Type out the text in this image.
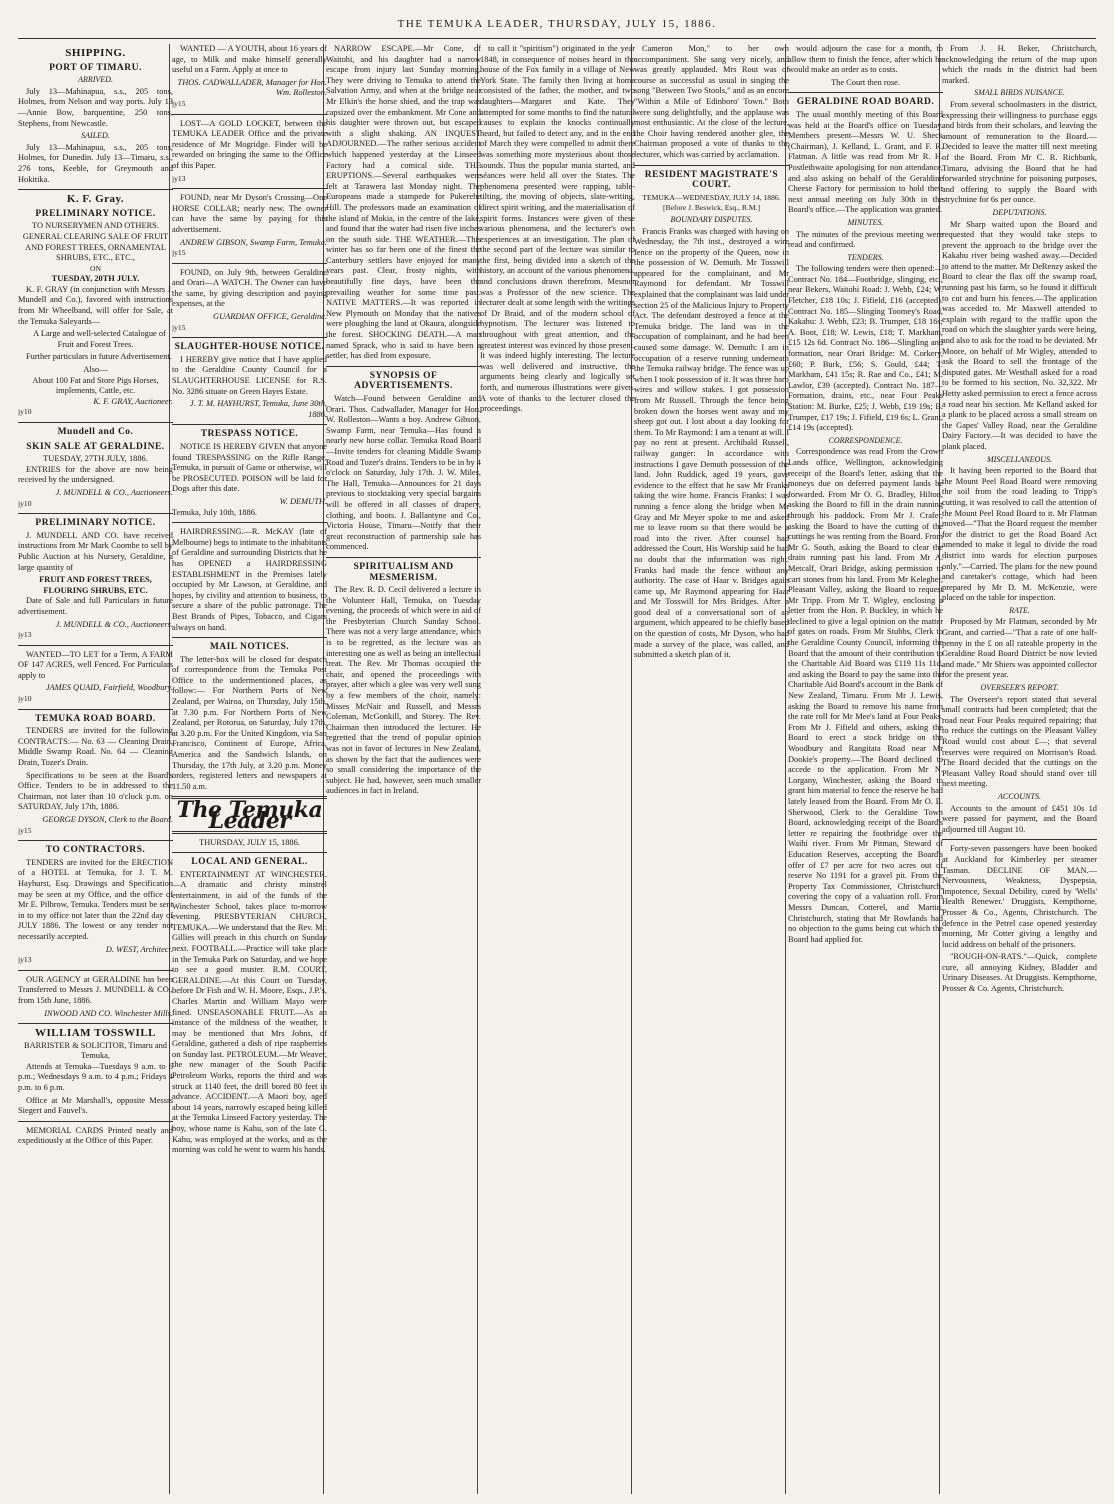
THE TEMUKA LEADER, THURSDAY, JULY 15, 1886.
SHIPPING.
PORT OF TIMARU.
ARRIVED.

July 13—Mahinapua, s.s., 205 tons, Holmes, from Nelson and way ports. July 13—Annie Bow, barquentine, 250 tons, Stephens, from Newcastle.

SAILED.

July 13—Mahinapua, s.s., 205 tons, Holmes, for Dunedin. July 13—Timaru, s.s., 276 tons, Keeble, for Greymouth and Hokitika.

K. F. Gray.
PRELIMINARY NOTICE.
TO NURSERYMEN AND OTHERS.
GENERAL CLEARING SALE OF FRUIT AND FOREST TREES, ORNAMENTAL SHRUBS, ETC., ETC.,
ON
TUESDAY, 20TH JULY.

K. F. GRAY (in conjunction with Messrs J. Mundell and Co.), favored with instructions from Mr Wheelband, will offer for Sale, at the Temuka Saleyards—

A Large and well-selected Catalogue of Fruit and Forest Trees.

Further particulars in future Advertisement.

Also—
About 100 Fat and Store Pigs Horses, implements, Cattle, etc.
K. F. GRAY, Auctioneer.
jy10
Mundell and Co.
SKIN SALE AT GERALDINE.
TUESDAY, 27TH JULY, 1886.

ENTRIES for the above are now being received by the undersigned.

J. MUNDELL & CO., Auctioneers.
jy10
PRELIMINARY NOTICE.

J. MUNDELL AND CO. have received instructions from Mr Mark Coombe to sell by Public Auction at his Nursery, Geraldine, a large quantity of

FRUIT AND FOREST TREES, FLOURING SHRUBS, ETC.

Date of Sale and full Particulars in future advertisement.

J. MUNDELL & CO., Auctioneers.
jy13

WANTED—TO LET for a Term, A FARM OF 147 ACRES, well Fenced. For Particulars apply to

JAMES QUAID, Fairfield, Woodbury.
jy10
TEMUKA ROAD BOARD.

TENDERS are invited for the following CONTRACTS:— No. 63 — Cleaning Drain, Middle Swamp Road. No. 64 — Cleaning Drain, Tozer's Drain.

Specifications to be seen at the Board's Office. Tenders to be in addressed to the Chairman, not later than 10 o'clock p.m. on SATURDAY, July 17th, 1886.

GEORGE DYSON, Clerk to the Board.
jy15
TO CONTRACTORS.

TENDERS are invited for the ERECTION of a HOTEL at Temuka, for J. T. M. Hayhurst, Esq. Drawings and Specification may be seen at my Office, and the office of Mr E. Pilbrow, Temuka. Tenders must be sent in to my office not later than the 22nd day of JULY 1886. The lowest or any tender not necessarily accepted.

D. WEST, Architect.
jy13

OUR AGENCY at GERALDINE has been Transferred to Messrs J. MUNDELL & CO., from 15th June, 1886.

INWOOD AND CO. Winchester Mills.
WILLIAM TOSSWILL
BARRISTER & SOLICITOR, Timaru and Temuka,

Attends at Temuka—Tuesdays 9 a.m. to 6 p.m.; Wednesdays 9 a.m. to 4 p.m.; Fridays 4 p.m. to 6 p.m.

Office at Mr Marshall's, opposite Messrs Siegert and Fauvel's.

MEMORIAL CARDS Printed neatly and expeditiously at the Office of this Paper.

WANTED — A YOUTH, about 16 years of age, to Milk and make himself generally useful on a Farm. Apply at once to

THOS. CADWALLADER, Manager for Hon. Wm. Rolleston.
jy15

LOST—A GOLD LOCKET, between the TEMUKA LEADER Office and the private residence of Mr Mogridge. Finder will be rewarded on bringing the same to the Office of this Paper.

jy13

FOUND, near Mr Dyson's Crossing—One HORSE COLLAR; nearly new. The owner can have the same by paying for this advertisement.

ANDREW GIBSON, Swamp Farm, Temuka.
jy15

FOUND, on July 9th, between Geraldine and Orari—A WATCH. The Owner can have the same, by giving description and paying expenses, at the

GUARDIAN OFFICE, Geraldine.
jy15
SLAUGHTER-HOUSE NOTICE.

I HEREBY give notice that I have applied to the Geraldine County Council for a SLAUGHTERHOUSE LICENSE for R.S. No. 3286 situate on Green Hayes Estate.

J. T. M. HAYHURST, Temuka, June 30th, 1886.
TRESPASS NOTICE.

NOTICE IS HEREBY GIVEN that anyone found TRESPASSING on the Rifle Range, Temuka, in pursuit of Game or otherwise, will be PROSECUTED. POISON will be laid for Dogs after this date.

W. DEMUTH.
Temuka, July 10th, 1886.

HAIRDRESSING.—R. McKAY (late of Melbourne) begs to intimate to the inhabitants of Geraldine and surrounding Districts that he has OPENED a HAIRDRESSING ESTABLISHMENT in the Premises lately occupied by Mr Lawson, at Geraldine, and hopes, by civility and attention to business, to secure a share of the public patronage. The Best Brands of Pipes, Tobacco, and Cigars always on hand.

MAIL NOTICES.

The letter-box will be closed for despatch of correspondence from the Temuka Post Office to the undermentioned places, as follow:— For Northern Ports of New Zealand, per Wairoa, on Thursday, July 15th, at 7.30 p.m. For Northern Ports of New Zealand, per Rotorua, on Saturday, July 17th, at 3.20 p.m. For the United Kingdom, via San Francisco, Continent of Europe, Africa, America and the Sandwich Islands, on Thursday, the 17th July, at 3.20 p.m. Money orders, registered letters and newspapers at 11.50 a.m.

The Temuka Leader
THURSDAY, JULY 15, 1886.
LOCAL AND GENERAL.

ENTERTAINMENT AT WINCHESTER.—A dramatic and christy minstrel entertainment, in aid of the funds of the Winchester School, takes place to-morrow evening. PRESBYTERIAN CHURCH, TEMUKA.—We understand that the Rev. Mr. Gillies will preach in this church on Sunday next. FOOTBALL.—Practice will take place in the Temuka Park on Saturday, and we hope to see a good muster. R.M. COURT, GERALDINE.—At this Court on Tuesday, before Dr Fish and W. H. Moore, Esqs., J.P.'s, Charles Martin and William Mayo were fined. UNSEASONABLE FRUIT.—As an instance of the mildness of the weather, it may be mentioned that Mrs Johns, of Geraldine, gathered a dish of ripe raspberries on Sunday last. PETROLEUM.—Mr Weaver, the new manager of the South Pacific Petroleum Works, reports the third and was struck at 1140 feet, the drill bored 80 feet in advance. ACCIDENT.—A Maori boy, aged about 14 years, narrowly escaped being killed at the Temuka Linseed Factory yesterday. The boy, whose name is Kahu, son of the late G. Kahu, was employed at the works, and as the morning was cold he went to warm his hands.

NARROW ESCAPE.—Mr Cone, of Waitohi, and his daughter had a narrow escape from injury last Sunday morning. They were driving to Temuka to attend the Salvation Army, and when at the bridge near Mr Elkin's the horse shied, and the trap was capsized over the embankment. Mr Cone and his daughter were thrown out, but escaped with a slight shaking. AN INQUEST ADJOURNED.—The rather serious accident which happened yesterday at the Linseed Factory had a comical side. THE ERUPTIONS.—Several earthquakes were felt at Tarawera last Monday night. The Europeans made a stampede for Pukerehe Hill. The professors made an examination of the island of Mokia, in the centre of the lake, and found that the water had risen five inches on the south side. THE WEATHER.—This winter has so far been one of the finest the Canterbury settlers have enjoyed for many years past. Clear, frosty nights, with beautifully fine days, have been the prevailing weather for some time past. NATIVE MATTERS.—It was reported in New Plymouth on Monday that the natives were ploughing the land at Okaura, alongside the forest. SHOCKING DEATH.—A man named Sprack, who is said to have been a settler, has died from exposure.

SYNOPSIS OF ADVERTISEMENTS.

Watch—Found between Geraldine and Orari. Thos. Cadwallader, Manager for Hon. W. Rolleston—Wants a boy. Andrew Gibson, Swamp Farm, near Temuka—Has found a nearly new horse collar. Temuka Road Board—Invite tenders for cleaning Middle Swamp Road and Tozer's drains. Tenders to be in by 4 o'clock on Saturday, July 17th. J. W. Miles, The Hall, Temuka—Announces for 21 days previous to stocktaking very special bargains will be offered in all classes of drapery, clothing, and boots. J. Ballantyne and Co., Victoria House, Timaru—Notify that their great reconstruction of partnership sale has commenced.

SPIRITUALISM AND MESMERISM.

The Rev. R. D. Cecil delivered a lecture in the Volunteer Hall, Temuka, on Tuesday evening, the proceeds of which were in aid of the Presbyterian Church Sunday School. There was not a very large attendance, which is to be regretted, as the lecture was an interesting one as well as being an intellectual treat. The Rev. Mr Thomas occupied the chair, and opened the proceedings with prayer, after which a glee was very well sung by a few members of the choir, namely: Misses McNair and Russell, and Messrs Coleman, McGonkill, and Storey. The Rev. Chairman then introduced the lecturer. He regretted that the trend of popular opinion was not in favor of lectures in New Zealand, as shown by the fact that the audiences were so small considering the importance of the subject. He had, however, seen much smaller audiences in fact in Ireland.

to call it "spiritism") originated in the year 1848, in consequence of noises heard in the house of the Fox family in a village of New York State. The family then living at home consisted of the father, the mother, and two daughters—Margaret and Kate. They attempted for some months to find the natural causes to explain the knocks continually heard, but failed to detect any, and in the end of March they were compelled to admit there was something more mysterious about those sounds. Thus the popular mania started, and séances were held all over the States. The phenomena presented were rapping, table-tilting, the moving of objects, slate-writing, direct spirit writing, and the materialisation of spirit forms. Instances were given of these various phenomena, and the lecturer's own experiences at an investigation. The plan of the second part of the lecture was similar to the first, being divided into a sketch of the history, an account of the various phenomena, and conclusions drawn therefrom. Mesmer was a Professor of the new science. The lecturer dealt at some length with the writings of Dr Braid, and of the modern school of hypnotism. The lecturer was listened to throughout with great attention, and the greatest interest was evinced by those present. It was indeed highly interesting. The lecture was well delivered and instructive, the arguments being clearly and logically set forth, and numerous illustrations were given. A vote of thanks to the lecturer closed the proceedings.

Cameron Mon," to her own accompaniment. She sang very nicely, and was greatly applauded. Mrs Rout was of course as successful as usual in singing the song "Between Two Stools," and as an encore "Within a Mile of Edinboro' Town." Both were sung delightfully, and the applause was most enthusiastic. At the close of the lecture, the Choir having rendered another glee, the Chairman proposed a vote of thanks to the lecturer, which was carried by acclamation.

RESIDENT MAGISTRATE'S COURT.
TEMUKA—WEDNESDAY, JULY 14, 1886.
[Before J. Beswick, Esq., R.M.]
BOUNDARY DISPUTES.

Francis Franks was charged with having on Wednesday, the 7th inst., destroyed a wire fence on the property of the Queen, now in the possession of W. Demuth. Mr Tosswill appeared for the complainant, and Mr Raymond for defendant. Mr Tosswill explained that the complainant was laid under section 25 of the Malicious Injury to Property Act. The defendant destroyed a fence at the Temuka bridge. The land was in the occupation of complainant, and he had been caused some damage. W. Demuth: I am in occupation of a reserve running underneath the Temuka railway bridge. The fence was up when I took possession of it. It was three barb wires and willow stakes. I got possession from Mr Russell. Through the fence being broken down the horses went away and my sheep got out. I lost about a day looking for them. To Mr Raymond: I am a tenant at will. I pay no rent at present. Archibald Russell, railway ganger: In accordance with instructions I gave Demuth possession of the land. John Ruddick, aged 19 years, gave evidence to the effect that he saw Mr Franks taking the wire home. Francis Franks: I was running a fence along the bridge when Mr Gray and Mr Meyer spoke to me and asked me to leave room so that there would be a road into the river. After counsel had addressed the Court, His Worship said he had no doubt that the information was right. Franks had made the fence without any authority. The case of Haar v. Bridges again came up, Mr Raymond appearing for Haar and Mr Tosswill for Mrs Bridges. After a good deal of a conversational sort of an argument, which appeared to be chiefly based on the question of costs, Mr Dyson, who had made a survey of the place, was called, and submitted a sketch plan of it.

would adjourn the case for a month, to allow them to finish the fence, after which he would make an order as to costs.

The Court then rose.
GERALDINE ROAD BOARD.

The usual monthly meeting of this Board was held at the Board's office on Tuesday. Members present—Messrs W. U. Sheck (Chairman), J. Kelland, L. Grant, and F. R. Flatman. A little was read from Mr R. H. Postlethwaite apologising for non attendance, and also asking on behalf of the Geraldine Cheese Factory for permission to hold their next annual meeting on July 30th in the Board's office.—The application was granted.

MINUTES.

The minutes of the previous meeting were read and confirmed.

TENDERS.

The following tenders were then opened:— Contract No. 184—Footbridge, slinging, etc., near Bekers, Waitohi Road: J. Webb, £24; W. Fletcher, £18 10s; J. Fifield, £16 (accepted). Contract No. 185—Slinging Toomey's Road, Kakahu: J. Webb, £23; B. Trumper, £18 16s; A. Boot, £18; W. Lewis, £18; T. Markham, £15 12s 6d. Contract No. 186—Slingling and formation, near Orari Bridge: M. Corkery, £60; P. Burk, £56; S. Gould, £44; T. Markham, £41 15s; R. Rae and Co., £41; M. Lawlor, £39 (accepted). Contract No. 187—Formation, drains, etc., near Four Peaks Station: M. Burke, £25; J. Webb, £19 19s; B. Trumper, £17 19s; J. Fifield, £19 6s; L. Grant, £14 19s (accepted).

CORRESPONDENCE.

Correspondence was read From the Crown Lands office, Wellington, acknowledging receipt of the Board's letter, asking that the moneys due on deferred payment lands be forwarded. From Mr O. G. Bradley, Hilton, asking the Board to fill in the drain running through his paddock. From Mr J. Crafer, asking the Board to have the cutting of the cuttings he was renting from the Board. From Mr G. South, asking the Board to clear the drain running past his land. From Mr A. Metcalf, Orari Bridge, asking permission to cart stones from his land. From Mr Kelegher, Pleasant Valley, asking the Board to request Mr Tripp. From Mr T. Wigley, enclosing a letter from the Hon. P. Buckley, in which he declined to give a legal opinion on the matter of gates on roads. From Mr Stubbs, Clerk to the Geraldine County Council, informing the Board that the amount of their contribution to the Charitable Aid Board was £119 11s 11d, and asking the Board to pay the same into the Charitable Aid Board's account in the Bank of New Zealand, Timaru. From Mr J. Lewis, asking the Board to remove his name from the rate roll for Mr Mee's land at Four Peaks. From Mr J. Fifield and others, asking the Board to erect a stock bridge on the Woodbury and Rangitata Road near Mr Dookie's property.—The Board declined to accede to the application. From Mr N. Lorgany, Winchester, asking the Board to grant him material to fence the reserve he had lately leased from the Board. From Mr O. E. Sherwood, Clerk to the Geraldine Town Board, acknowledging receipt of the Board's letter re repairing the footbridge over the Waihi river. From Mr Pitman, Steward of Education Reserves, accepting the Board's offer of £7 per acre for two acres out of reserve No 1191 for a gravel pit. From the Property Tax Commissioner, Christchurch, covering the copy of a valuation roll. From Messrs Duncan, Cotterel, and Martin, Christchurch, stating that Mr Rowlands had no objection to the gums being cut which the Board had applied for.

From J. H. Beker, Christchurch, acknowledging the return of the map upon which the roads in the district had been marked.

SMALL BIRDS NUISANCE.

From several schoolmasters in the district, expressing their willingness to purchase eggs and birds from their scholars, and leaving the amount of remuneration to the Board.—Decided to leave the matter till next meeting of the Board. From Mr C. R. Richbank, Timaru, advising the Board that he had forwarded strychnine for poisoning purposes, and offering to supply the Board with strychnine for 6s per ounce.

DEPUTATIONS.

Mr Sharp waited upon the Board and requested that they would take steps to prevent the approach to the bridge over the Kakahu river being washed away.—Decided to attend to the matter. Mr DeRenzy asked the Board to clear the flax off the swamp road, running past his farm, so he found it difficult to cut and burn his fences.—The application was acceded to. Mr Maxwell attended to explain with regard to the traffic upon the road on which the slaughter yards were being, and also to ask for the road to be deviated. Mr Moore, on behalf of Mr Wigley, attended to ask the Board to sell the frontage of the disputed gates. Mr Westhall asked for a road to be formed to his section, No. 32,322. Mr Hetty asked permission to erect a fence across a road near his section. Mr Kelland asked for a plank to be placed across a small stream on the Gapes' Valley Road, near the Geraldine Dairy Factory.—It was decided to have the plank placed.

MISCELLANEOUS.

It having been reported to the Board that the Mount Peel Road Board were removing the soil from the road leading to Tripp's cutting, it was resolved to call the attention of the Mount Peel Road Board to it. Mr Flatman moved—"That the Board request the member for the district to get the Road Board Act amended to make it legal to divide the road district into wards for election purposes only."—Carried. The plans for the new pound and caretaker's cottage, which had been prepared by Mr D. M. McKenzie, were placed on the table for inspection.

RATE.

Proposed by Mr Flatman, seconded by Mr Grant, and carried—"That a rate of one half-penny in the £ on all rateable property in the Geraldine Road Board District be now levied and made." Mr Shiers was appointed collector for the present year.

OVERSEER'S REPORT.

The Overseer's report stated that several small contracts had been completed; that the road near Four Peaks required repairing; that to reduce the cuttings on the Pleasant Valley Road would cost about £—; that several reserves were required on Morrison's Road. The Board decided that the cuttings on the Pleasant Valley Road should stand over till next meeting.

ACCOUNTS.

Accounts to the amount of £451 10s 1d were passed for payment, and the Board adjourned till August 10.

Forty-seven passengers have been booked at Auckland for Kimberley per steamer Tasman. DECLINE OF MAN.—Nervousness, Weakness, Dyspepsia, Impotence, Sexual Debility, cured by 'Wells' Health Renewer.' Druggists, Kempthorne, Prosser & Co., Agents, Christchurch. The defence in the Petrel case opened yesterday morning, Mr Cotter giving a lengthy and lucid address on behalf of the prisoners.

"ROUGH-ON-RATS."—Quick, complete cure, all annoying Kidney, Bladder and Urinary Diseases. At Druggists. Kempthorne, Prosser & Co. Agents, Christchurch.
